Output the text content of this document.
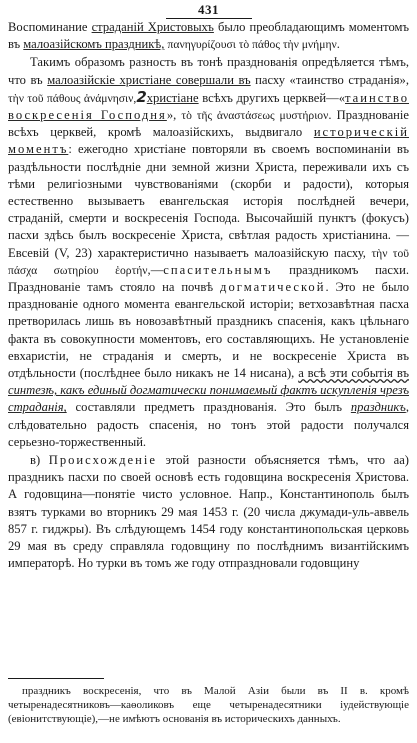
431

Воспоминание страданій Христовыхъ было преобладающимъ моментомъ въ малоазійскомъ праздникѣ, πανηγυρίζουσι τὸ πάθος τὴν μνήμην.

Такимъ образомъ разность въ тонѣ празднованія опредѣляется тѣмъ, что въ малоазійскіе христіане совершали въ пасху «таинство страданія», τὴν τοῦ πάθους ἀνάμνησιν,2христіане всѣхъ другихъ церквей—«таинство воскресенія Господня», τὸ τῆς ἀναστάσεως μυστήριον. Празднованіе всѣхъ церквей, кромѣ малоазійскихъ, выдвигало историческій моментъ: ежегодно христіане повторяли въ своемъ воспоминаніи въ раздѣльности послѣдніе дни земной жизни Христа, переживали ихъ съ тѣми религіозными чувствованіями (скорби и радости), которыя естественно вызываетъ евангельская исторія послѣдней вечери, страданій, смерти и воскресенія Господа. Высочайшій пунктъ (фокусъ) пасхи здѣсь былъ воскресеніе Христа, свѣтлая радость христіанина. —Евсевій (V, 23) характеристично называетъ малоазійскую пасху, τὴν τοῦ πάσχα σωτηρίου ἑορτήν,—спасительнымъ праздникомъ пасхи. Празднованіе тамъ стояло на почвѣ догматической. Это не было празднованіе одного момента евангельской исторіи; ветхозавѣтная пасха претворилась лишь въ новозавѣтный праздникъ спасенія, какъ цѣльнаго факта въ совокупности моментовъ, его составляющихъ. Не установленіе евхаристіи, не страданія и смерть, и не воскресеніе Христа въ отдѣльности (послѣднее было никакъ не 14 нисана), а всѣ эти событія въ синтезѣ, какъ единый догматически понимаемый фактъ искупленія чрезъ страданія, составляли предметъ празднованія. Это былъ праздникъ, слѣдовательно радость спасенія, но тонъ этой радости получался серьезно-торжественный.

в) Происхожденіе этой разности объясняется тѣмъ, что аа) праздникъ пасхи по своей основѣ есть годовщина воскресенія Христова. А годовщина—понятіе чисто условное. Напр., Константинополь былъ взятъ турками во вторникъ 29 мая 1453 г. (20 числа джумади-уль-аввель 857 г. гиджры). Въ слѣдующемъ 1454 году константинопольская церковь 29 мая въ среду справляла годовщину по послѣднимъ византійскимъ императорѣ. Но турки въ томъ же году отпраздновали годовщину

праздникъ воскресенія, что въ Малой Азіи были въ II в. кромѣ четыренадесятниковъ—каѳоликовъ еще четыренадесятники іудействующіе (евіонитствующіе),—не имѣютъ основанія въ историческихъ данныхъ.
